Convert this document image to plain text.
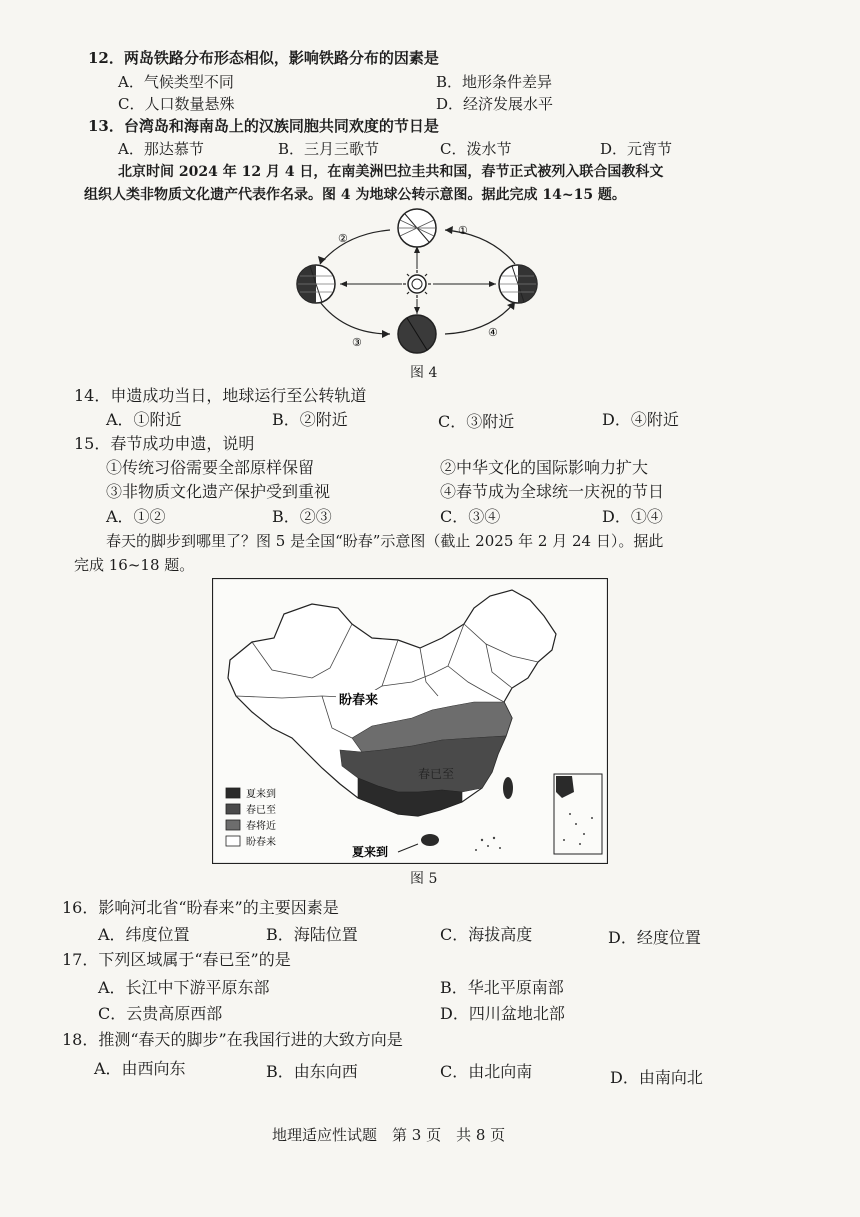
12．两岛铁路分布形态相似，影响铁路分布的因素是
A．气候类型不同	B．地形条件差异
C．人口数量悬殊	D．经济发展水平
13．台湾岛和海南岛上的汉族同胞共同欢度的节日是
A．那达慕节	B．三月三歌节	C．泼水节	D．元宵节
北京时间 2024 年 12 月 4 日，在南美洲巴拉圭共和国，春节正式被列入联合国教科文
组织人类非物质文化遗产代表作名录。图 4 为地球公转示意图。据此完成 14~15 题。
①
②
③
④
图 4
14．申遗成功当日，地球运行至公转轨道
A．①附近	B．②附近	C．③附近	D．④附近
15．春节成功申遗，说明
①传统习俗需要全部原样保留	②中华文化的国际影响力扩大
③非物质文化遗产保护受到重视	④春节成为全球统一庆祝的节日
A．①②	B．②③	C．③④	D．①④
春天的脚步到哪里了？图 5 是全国“盼春”示意图（截止 2025 年 2 月 24 日）。据此
完成 16~18 题。
盼春来
春已至
夏来到
夏来到
春已至
春将近
盼春来
图 5
16．影响河北省“盼春来”的主要因素是
A．纬度位置	B．海陆位置	C．海拔高度	D．经度位置
17．下列区域属于“春已至”的是
A．长江中下游平原东部	B．华北平原南部
C．云贵高原西部	D．四川盆地北部
18．推测“春天的脚步”在我国行进的大致方向是
A．由西向东	B．由东向西	C．由北向南	D．由南向北
地理适应性试题　第 3 页　共 8 页
